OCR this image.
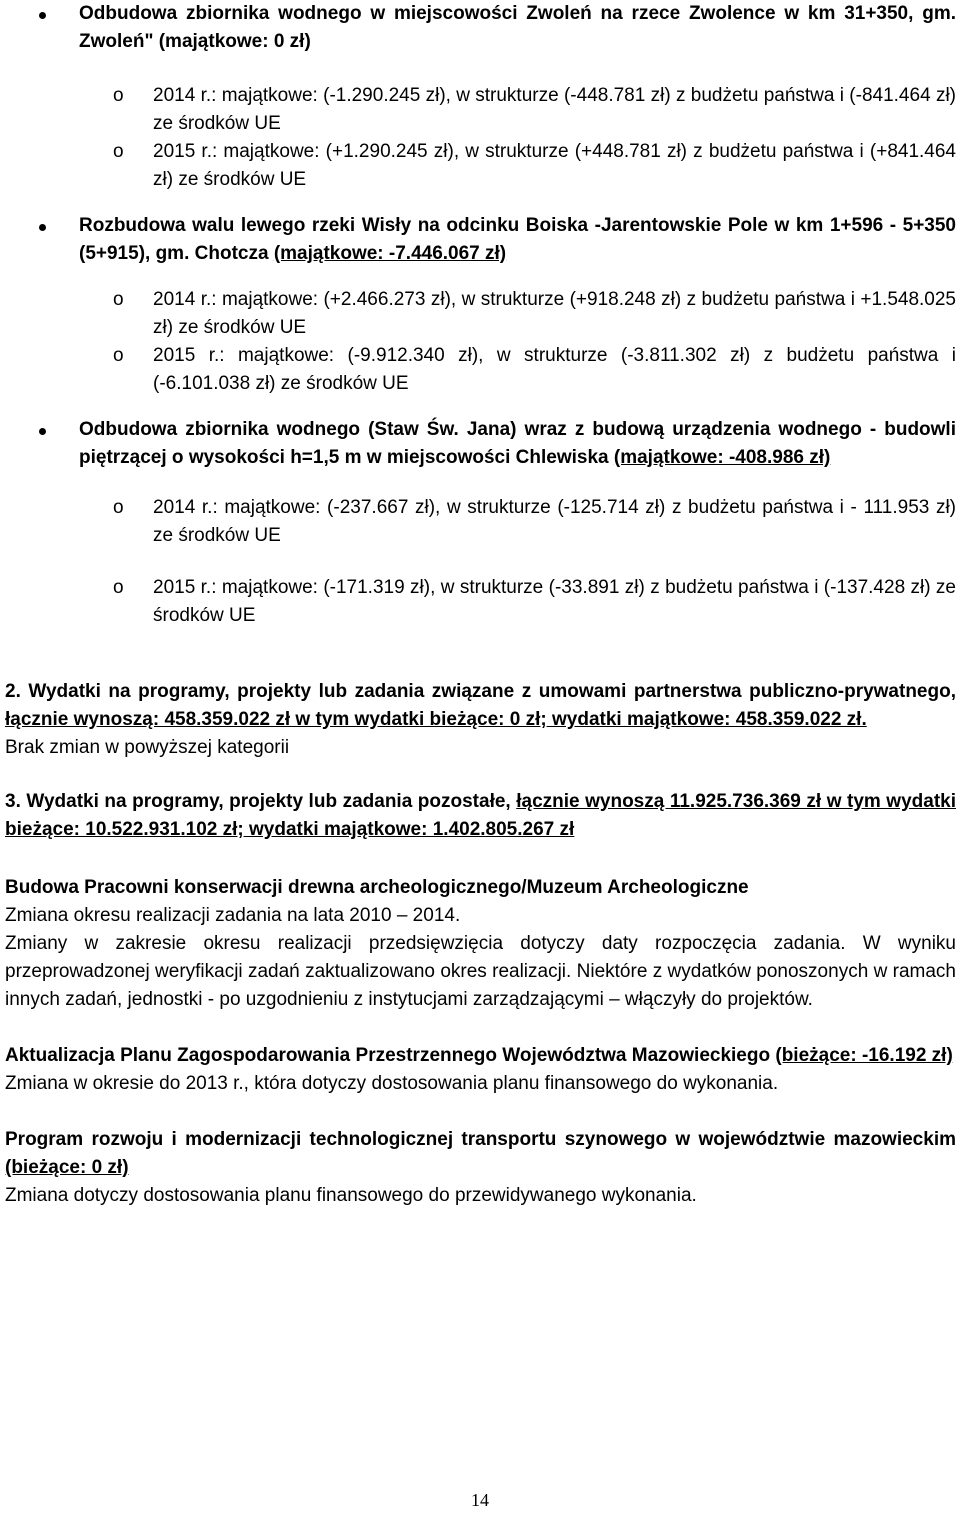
Odbudowa zbiornika wodnego w miejscowości Zwoleń na rzece Zwolence w km 31+350, gm. Zwoleń" (majątkowe: 0 zł)

o 2014 r.: majątkowe: (-1.290.245 zł), w strukturze (-448.781 zł) z budżetu państwa i (-841.464 zł) ze środków UE

o 2015 r.: majątkowe: (+1.290.245 zł), w strukturze (+448.781 zł) z budżetu państwa i (+841.464 zł) ze środków UE

Rozbudowa walu lewego rzeki Wisły na odcinku Boiska -Jarentowskie Pole w km 1+596 - 5+350 (5+915), gm. Chotcza (majątkowe: -7.446.067 zł)

o 2014 r.: majątkowe: (+2.466.273 zł), w strukturze (+918.248 zł) z budżetu państwa i +1.548.025 zł) ze środków UE

o 2015 r.: majątkowe: (-9.912.340 zł), w strukturze (-3.811.302 zł) z budżetu państwa i (-6.101.038 zł) ze środków UE

Odbudowa zbiornika wodnego (Staw Św. Jana) wraz z budową urządzenia wodnego - budowli piętrzącej o wysokości h=1,5 m w miejscowości Chlewiska (majątkowe: -408.986 zł)

o 2014 r.: majątkowe: (-237.667 zł), w strukturze (-125.714 zł) z budżetu państwa i - 111.953 zł) ze środków UE

o 2015 r.: majątkowe: (-171.319 zł), w strukturze (-33.891 zł) z budżetu państwa i (-137.428 zł) ze środków UE

2. Wydatki na programy, projekty lub zadania związane z umowami partnerstwa publiczno-prywatnego, łącznie wynoszą: 458.359.022 zł w tym wydatki bieżące: 0 zł; wydatki majątkowe: 458.359.022 zł.

Brak zmian w powyższej kategorii

3. Wydatki na programy, projekty lub zadania pozostałe, łącznie wynoszą 11.925.736.369 zł w tym wydatki bieżące: 10.522.931.102 zł; wydatki majątkowe: 1.402.805.267 zł

Budowa Pracowni konserwacji drewna archeologicznego/Muzeum Archeologiczne

Zmiana okresu realizacji zadania na lata 2010 – 2014.

Zmiany w zakresie okresu realizacji przedsięwzięcia dotyczy daty rozpoczęcia zadania. W wyniku przeprowadzonej weryfikacji zadań zaktualizowano okres realizacji. Niektóre z wydatków ponoszonych w ramach innych zadań, jednostki - po uzgodnieniu z instytucjami zarządzającymi – włączyły do projektów.

Aktualizacja Planu Zagospodarowania Przestrzennego Województwa Mazowieckiego (bieżące: -16.192 zł)

Zmiana w okresie do 2013 r., która dotyczy dostosowania planu finansowego do wykonania.

Program rozwoju i modernizacji technologicznej transportu szynowego w województwie mazowieckim (bieżące: 0 zł)

Zmiana dotyczy dostosowania planu finansowego do przewidywanego wykonania.

14
